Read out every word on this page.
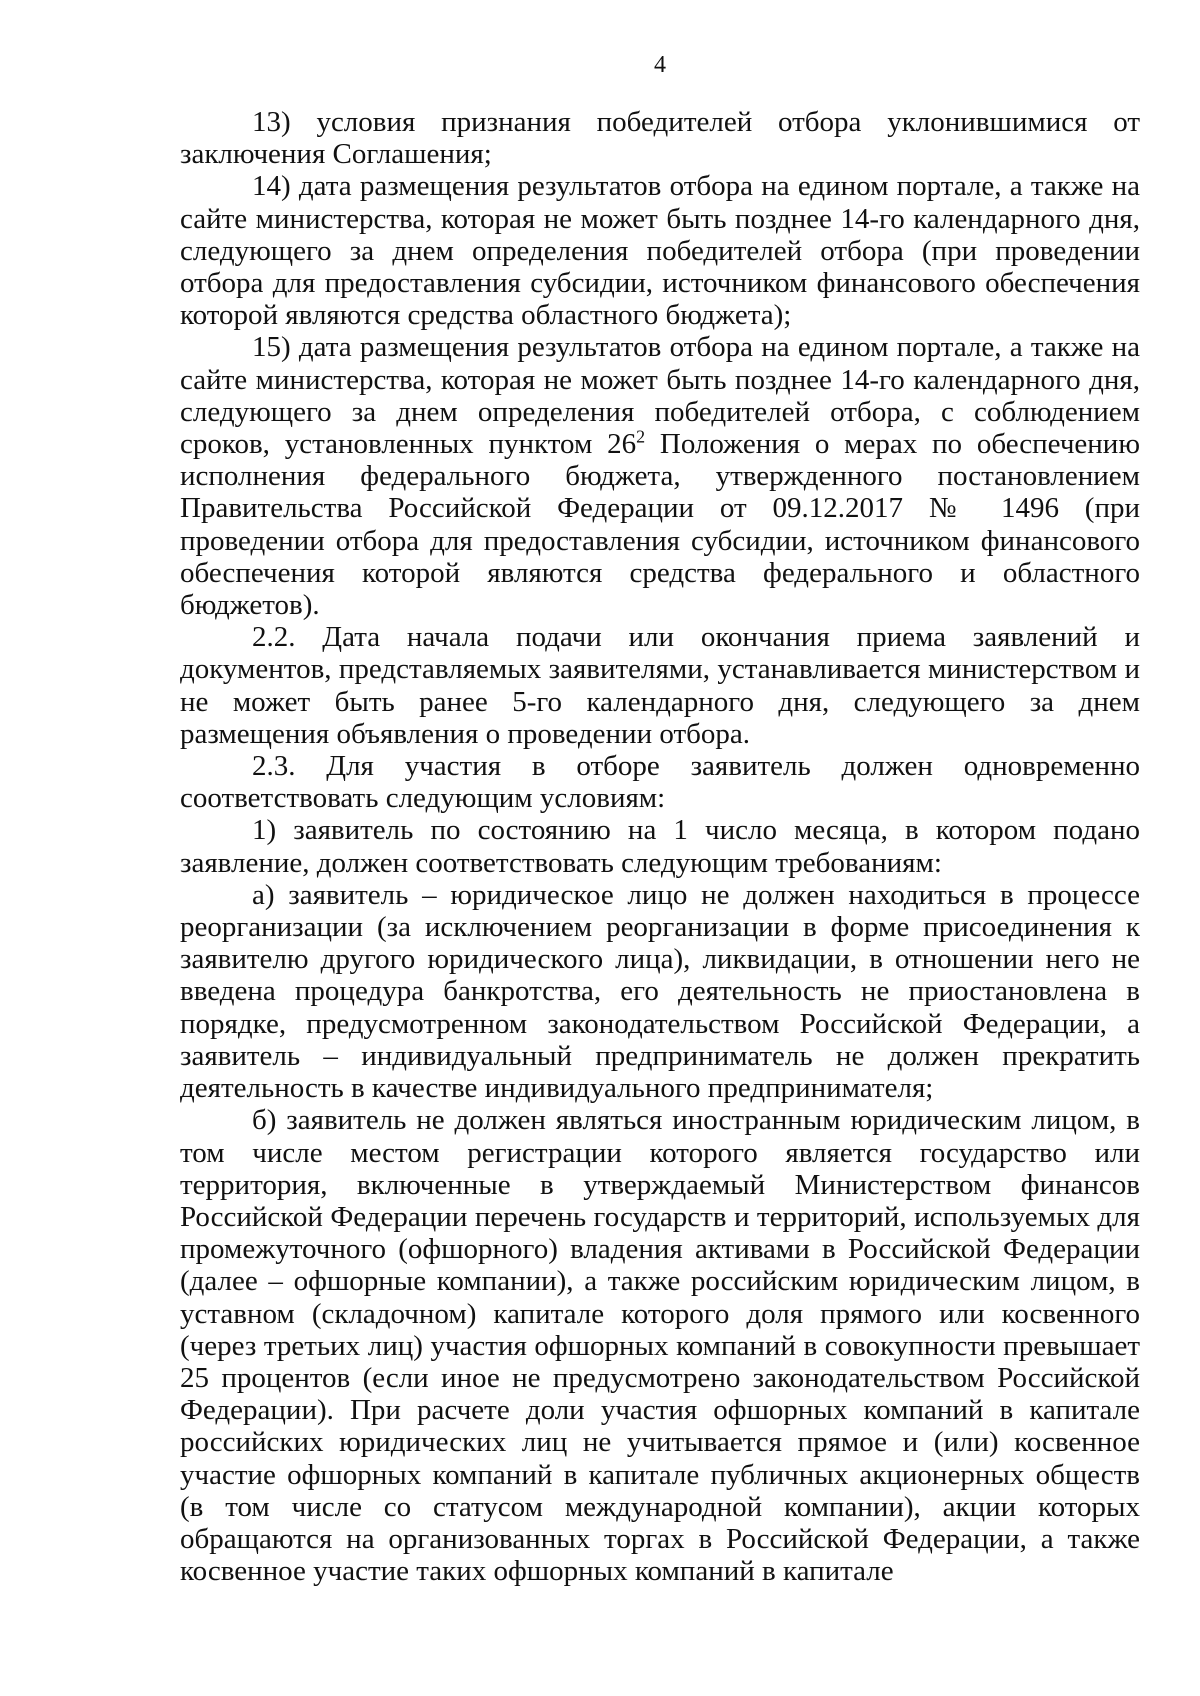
4

13) условия признания победителей отбора уклонившимися от заключения Соглашения;

14) дата размещения результатов отбора на едином портале, а также на сайте министерства, которая не может быть позднее 14-го календарного дня, следующего за днем определения победителей отбора (при проведении отбора для предоставления субсидии, источником финансового обеспечения которой являются средства областного бюджета);

15) дата размещения результатов отбора на едином портале, а также на сайте министерства, которая не может быть позднее 14-го календарного дня, следующего за днем определения победителей отбора, с соблюдением сроков, установленных пунктом $26^2$ Положения о мерах по обеспечению исполнения федерального бюджета, утвержденного постановлением Правительства Российской Федерации от 09.12.2017 № 1496 (при проведении отбора для предоставления субсидии, источником финансового обеспечения которой являются средства федерального и областного бюджетов).

2.2. Дата начала подачи или окончания приема заявлений и документов, представляемых заявителями, устанавливается министерством и не может быть ранее 5-го календарного дня, следующего за днем размещения объявления о проведении отбора.

2.3. Для участия в отборе заявитель должен одновременно соответствовать следующим условиям:

1) заявитель по состоянию на 1 число месяца, в котором подано заявление, должен соответствовать следующим требованиям:

а) заявитель – юридическое лицо не должен находиться в процессе реорганизации (за исключением реорганизации в форме присоединения к заявителю другого юридического лица), ликвидации, в отношении него не введена процедура банкротства, его деятельность не приостановлена в порядке, предусмотренном законодательством Российской Федерации, а заявитель – индивидуальный предприниматель не должен прекратить деятельность в качестве индивидуального предпринимателя;

б) заявитель не должен являться иностранным юридическим лицом, в том числе местом регистрации которого является государство или территория, включенные в утверждаемый Министерством финансов Российской Федерации перечень государств и территорий, используемых для промежуточного (офшорного) владения активами в Российской Федерации (далее – офшорные компании), а также российским юридическим лицом, в уставном (складочном) капитале которого доля прямого или косвенного (через третьих лиц) участия офшорных компаний в совокупности превышает 25 процентов (если иное не предусмотрено законодательством Российской Федерации). При расчете доли участия офшорных компаний в капитале российских юридических лиц не учитывается прямое и (или) косвенное участие офшорных компаний в капитале публичных акционерных обществ (в том числе со статусом международной компании), акции которых обращаются на организованных торгах в Российской Федерации, а также косвенное участие таких офшорных компаний в капитале
